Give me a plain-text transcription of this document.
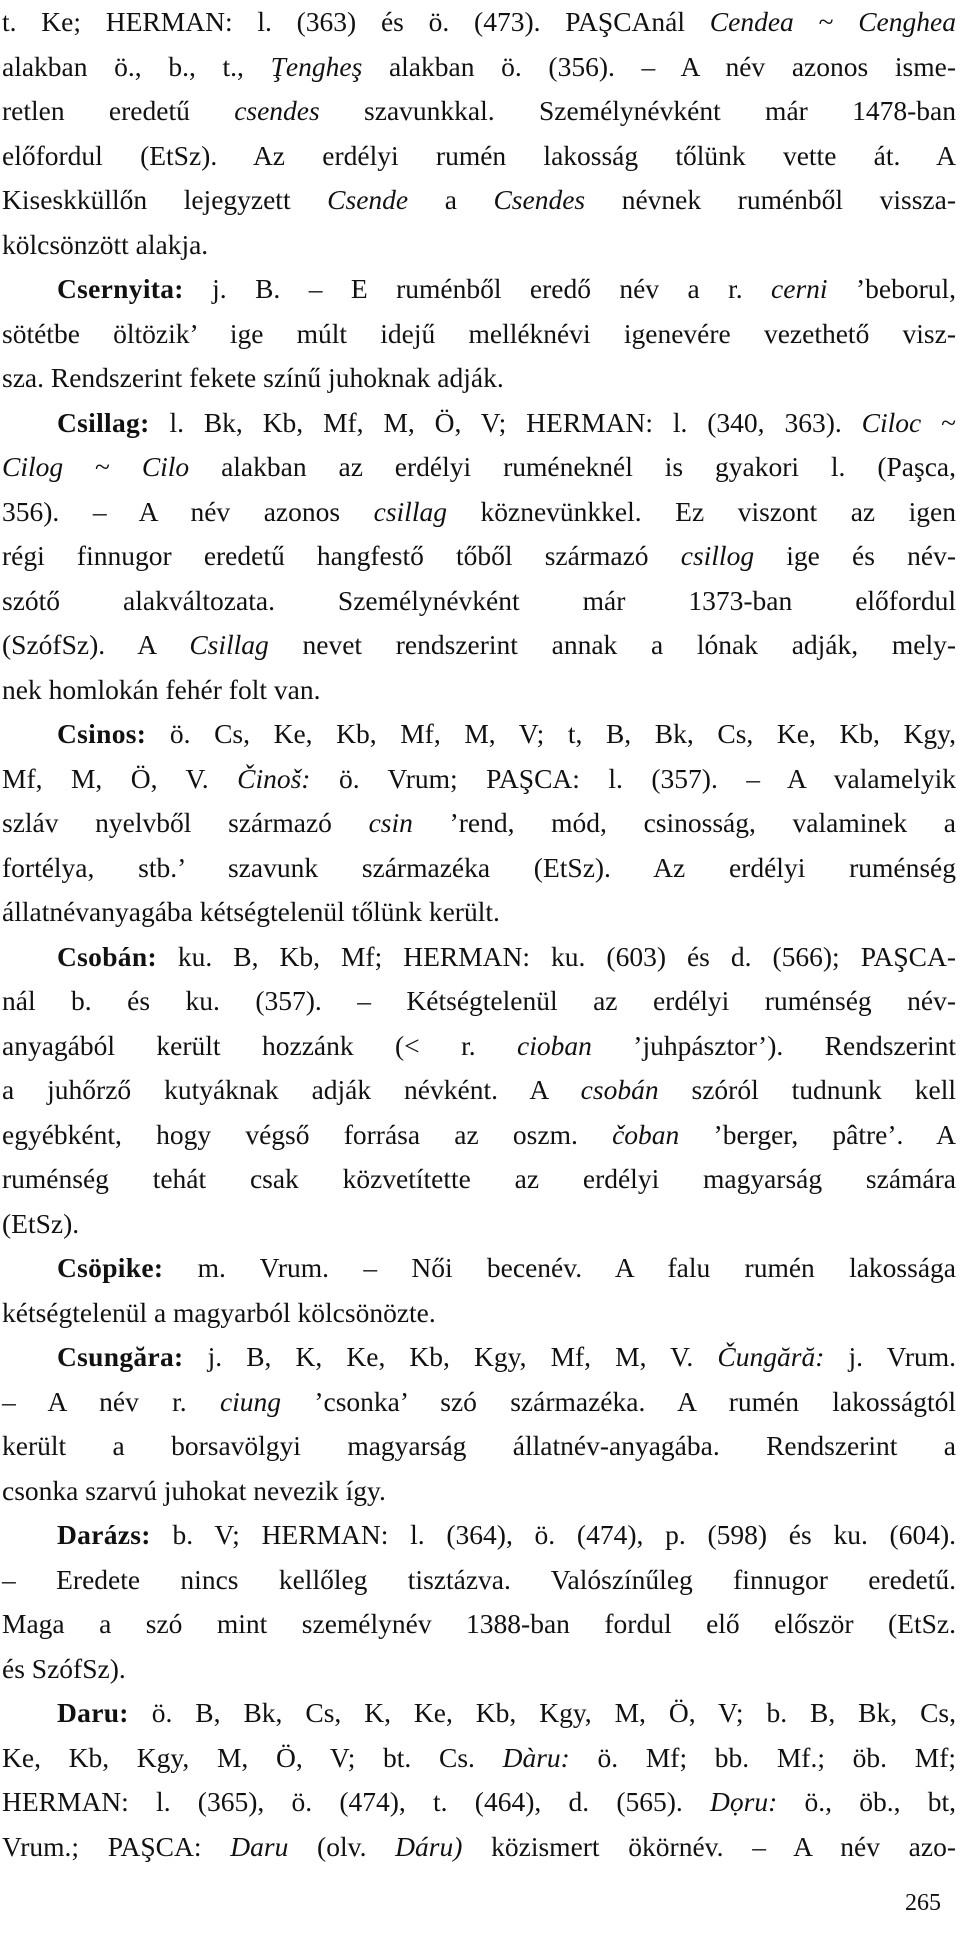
t. Ke; HERMAN: l. (363) és ö. (473). PAŞCAnál Cendea ~ Cenghea
alakban ö., b., t., Ţengheş alakban ö. (356). – A név azonos isme-
retlen eredetű csendes szavunkkal. Személynévként már 1478-ban
előfordul (EtSz). Az erdélyi rumén lakosság tőlünk vette át. A
Kiseskküllőn lejegyzett Csende a Csendes névnek ruménből vissza-
kölcsönzött alakja.
Csernyita: j. B. – E ruménből eredő név a r. cerni ’beborul,
sötétbe öltözik’ ige múlt idejű melléknévi igenevére vezethető visz-
sza. Rendszerint fekete színű juhoknak adják.
Csillag: l. Bk, Kb, Mf, M, Ö, V; HERMAN: l. (340, 363). Ciloc ~
Cilog ~ Cilo alakban az erdélyi ruméneknél is gyakori l. (Paşca,
356). – A név azonos csillag köznevünkkel. Ez viszont az igen
régi finnugor eredetű hangfestő tőből származó csillog ige és név-
szótő alakváltozata. Személynévként már 1373-ban előfordul
(SzófSz). A Csillag nevet rendszerint annak a lónak adják, mely-
nek homlokán fehér folt van.
Csinos: ö. Cs, Ke, Kb, Mf, M, V; t, B, Bk, Cs, Ke, Kb, Kgy,
Mf, M, Ö, V. Činoš: ö. Vrum; PAŞCA: l. (357). – A valamelyik
szláv nyelvből származó csin ’rend, mód, csinosság, valaminek a
fortélya, stb.’ szavunk származéka (EtSz). Az erdélyi ruménség
állatnévanyagába kétségtelenül tőlünk került.
Csobán: ku. B, Kb, Mf; HERMAN: ku. (603) és d. (566); PAŞCA-
nál b. és ku. (357). – Kétségtelenül az erdélyi ruménség név-
anyagából került hozzánk (< r. cioban ’juhpásztor’). Rendszerint
a juhőrző kutyáknak adják névként. A csobán szóról tudnunk kell
egyébként, hogy végső forrása az oszm. čoban ’berger, pâtre’. A
ruménség tehát csak közvetítette az erdélyi magyarság számára
(EtSz).
Csöpike: m. Vrum. – Női becenév. A falu rumén lakossága
kétségtelenül a magyarból kölcsönözte.
Csungăra: j. B, K, Ke, Kb, Kgy, Mf, M, V. Čungără: j. Vrum.
– A név r. ciung ’csonka’ szó származéka. A rumén lakosságtól
került a borsavölgyi magyarság állatnév-anyagába. Rendszerint a
csonka szarvú juhokat nevezik így.
Darázs: b. V; HERMAN: l. (364), ö. (474), p. (598) és ku. (604).
– Eredete nincs kellőleg tisztázva. Valószínűleg finnugor eredetű.
Maga a szó mint személynév 1388-ban fordul elő először (EtSz.
és SzófSz).
Daru: ö. B, Bk, Cs, K, Ke, Kb, Kgy, M, Ö, V; b. B, Bk, Cs,
Ke, Kb, Kgy, M, Ö, V; bt. Cs. Dàru: ö. Mf; bb. Mf.; öb. Mf;
HERMAN: l. (365), ö. (474), t. (464), d. (565). Dọru: ö., öb., bt,
Vrum.; PAŞCA: Daru (olv. Dáru) közismert ökörnév. – A név azo-
265
